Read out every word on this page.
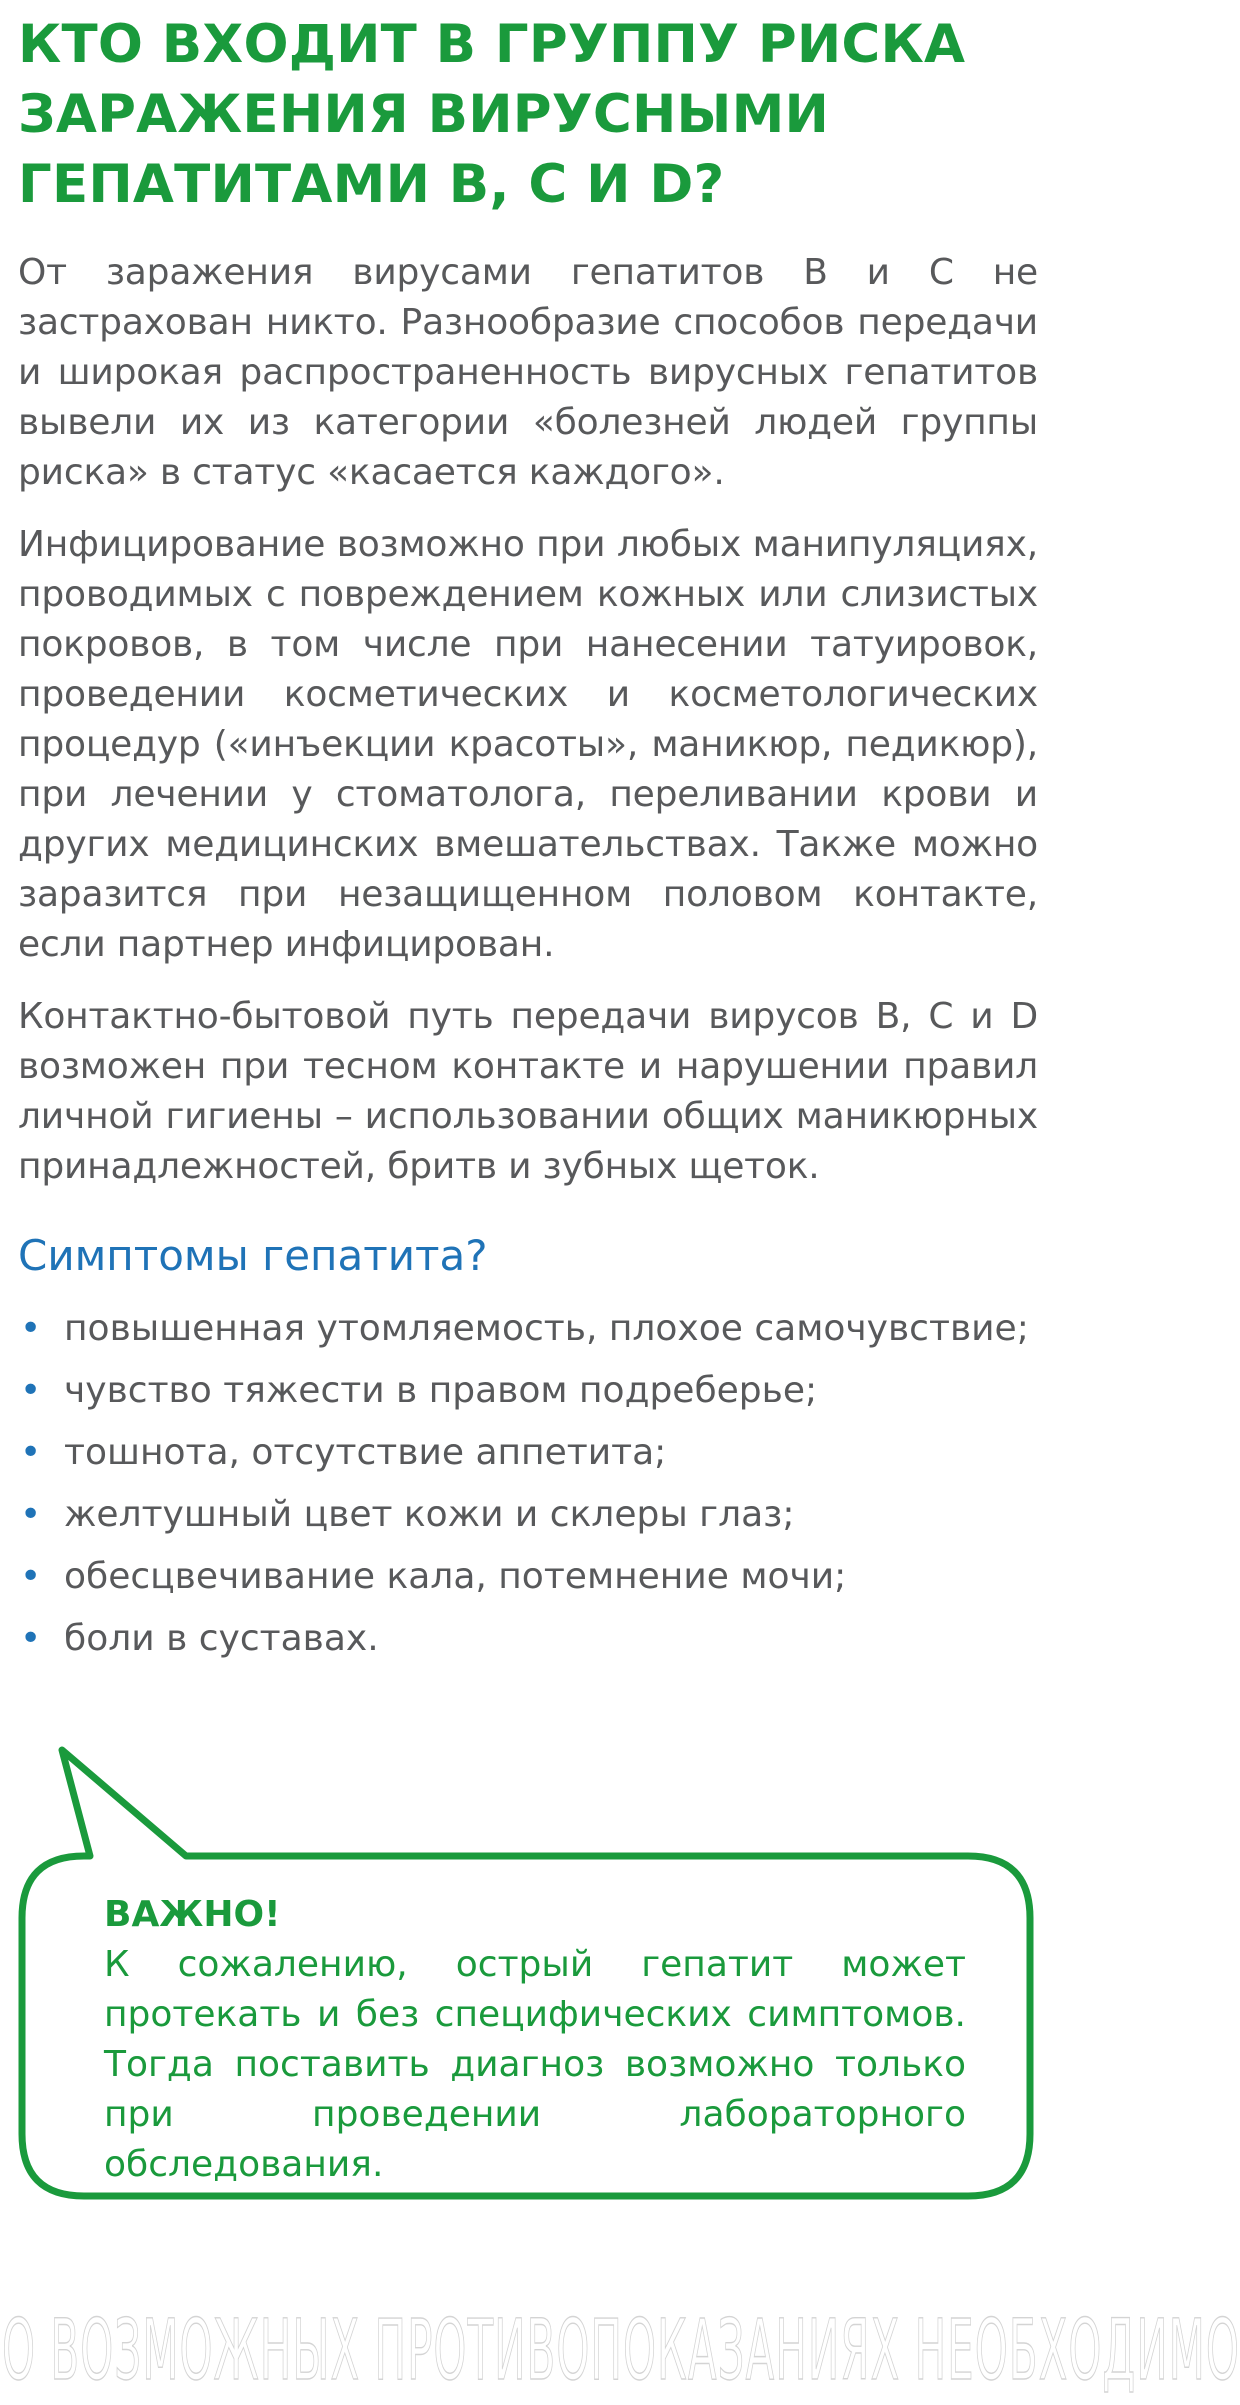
КТО ВХОДИТ В ГРУППУ РИСКА ЗАРАЖЕНИЯ ВИРУСНЫМИ ГЕПАТИТАМИ В, С И D?

От заражения вирусами гепатитов В и С не застрахован никто. Разнообразие способов передачи и широкая распространенность вирусных гепатитов вывели их из категории «болезней людей группы риска» в статус «касается каждого».

Инфицирование возможно при любых манипуляциях, проводимых с повреждением кожных или слизистых покровов, в том числе при нанесении татуировок, проведении косметических и косметологических процедур («инъекции красоты», маникюр, педикюр), при лечении у стоматолога, переливании крови и других медицинских вмешательствах. Также можно заразится при незащищенном половом контакте, если партнер инфицирован.

Контактно-бытовой путь передачи вирусов В, С и D возможен при тесном контакте и нарушении правил личной гигиены – использовании общих маникюрных принадлежностей, бритв и зубных щеток.

Симптомы гепатита?
• повышенная утомляемость, плохое самочувствие;
• чувство тяжести в правом подреберье;
• тошнота, отсутствие аппетита;
• желтушный цвет кожи и склеры глаз;
• обесцвечивание кала, потемнение мочи;
• боли в суставах.
ВАЖНО!
К сожалению, острый гепатит может протекать и без специфических симптомов. Тогда поставить диагноз возможно только при проведении лабораторного обследования.
О ВОЗМОЖНЫХ ПРОТИВОПОКАЗАНИЯХ НЕОБХОДИМО
